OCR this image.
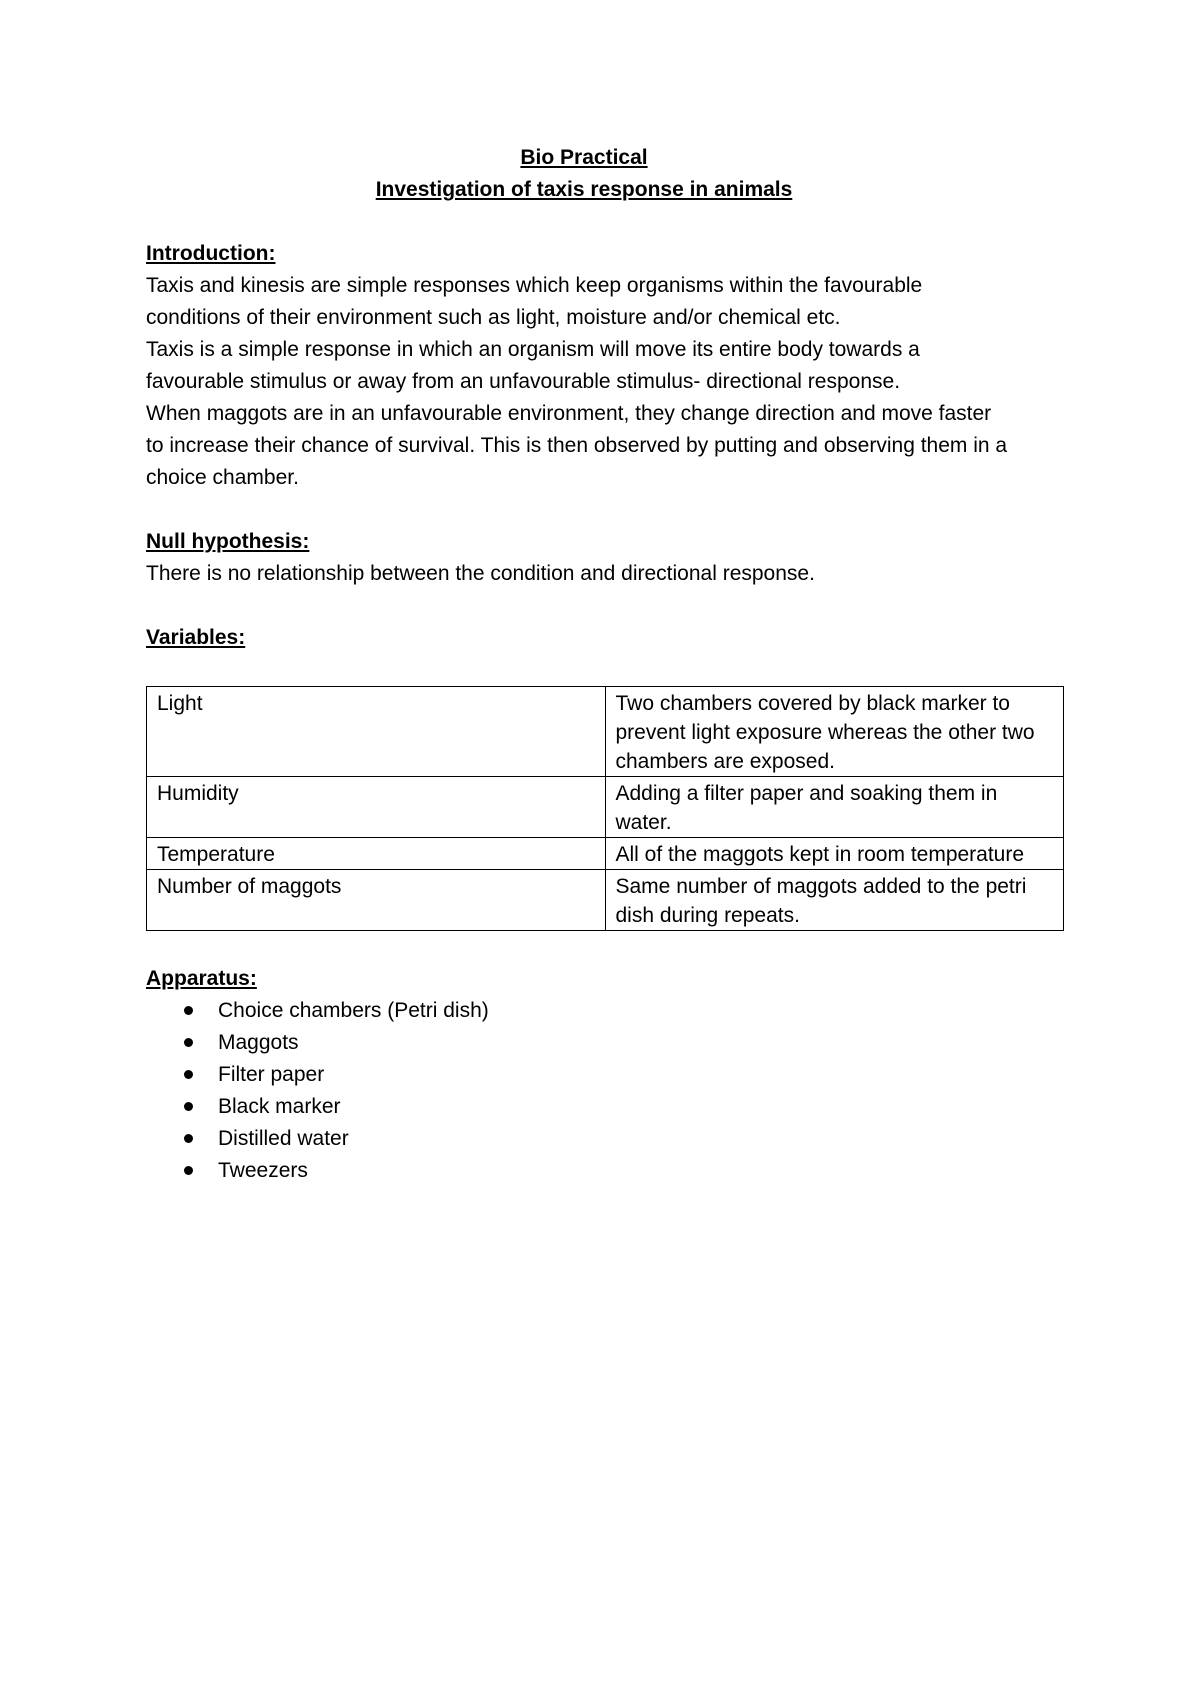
Bio Practical
Investigation of taxis response in animals
Introduction:
Taxis and kinesis are simple responses which keep organisms within the favourable
conditions of their environment such as light, moisture and/or chemical etc.
Taxis is a simple response in which an organism will move its entire body towards a
favourable stimulus or away from an unfavourable stimulus- directional response.
When maggots are in an unfavourable environment, they change direction and move faster
to increase their chance of survival. This is then observed by putting and observing them in a
choice chamber.
Null hypothesis:
There is no relationship between the condition and directional response.
Variables:
Light	Two chambers covered by black marker to prevent light exposure whereas the other two chambers are exposed.
Humidity	Adding a filter paper and soaking them in water.
Temperature	All of the maggots kept in room temperature
Number of maggots	Same number of maggots added to the petri dish during repeats.
Apparatus:
Choice chambers (Petri dish)
Maggots
Filter paper
Black marker
Distilled water
Tweezers
